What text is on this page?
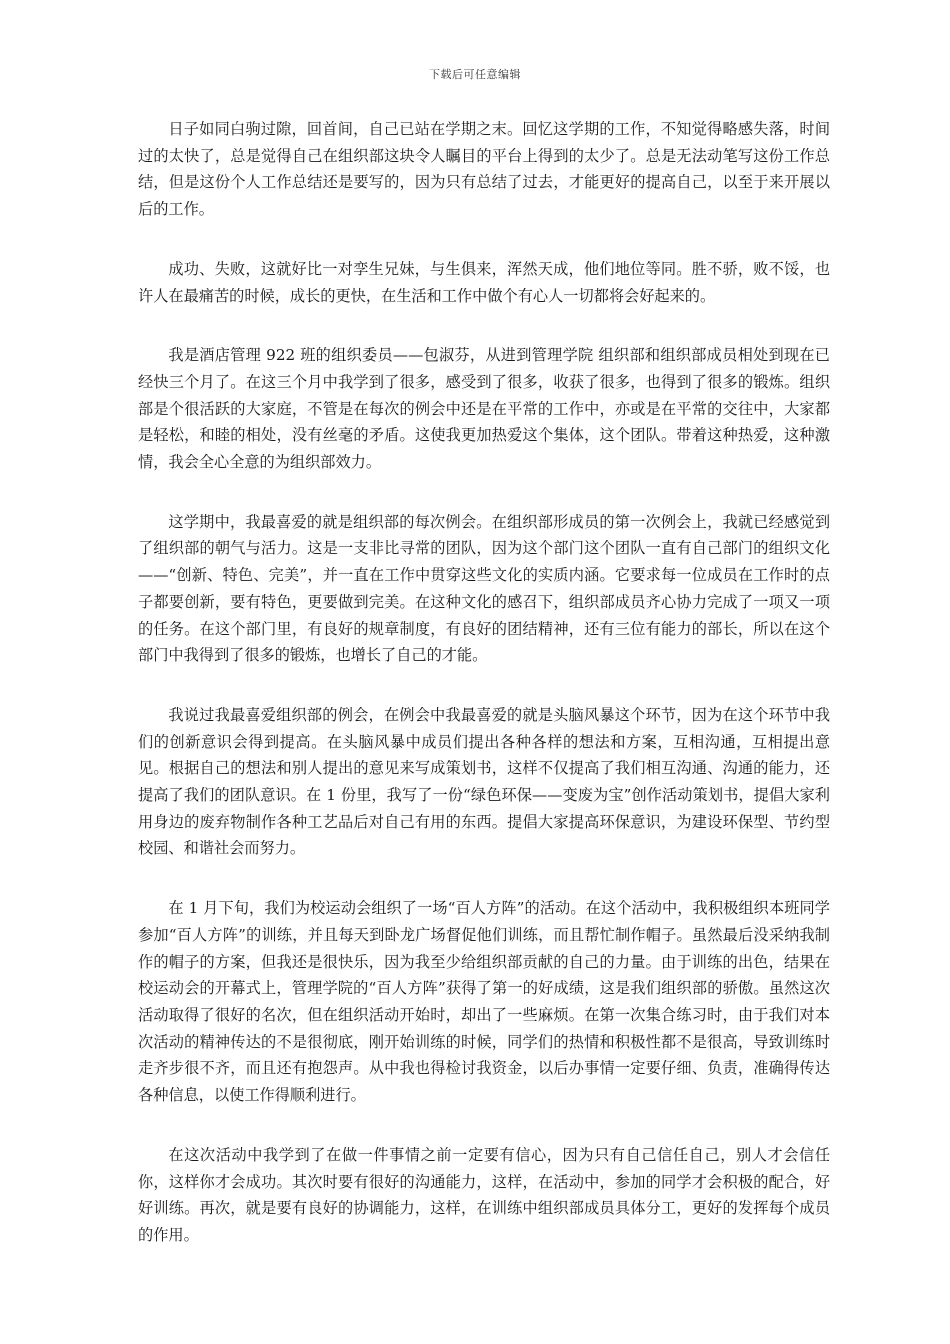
下载后可任意编辑

日子如同白驹过隙，回首间，自己已站在学期之末。回忆这学期的工作，不知觉得略感失落，时间过的太快了，总是觉得自己在组织部这块令人瞩目的平台上得到的太少了。总是无法动笔写这份工作总结，但是这份个人工作总结还是要写的，因为只有总结了过去，才能更好的提高自己，以至于来开展以后的工作。

成功、失败，这就好比一对孪生兄妹，与生俱来，浑然天成，他们地位等同。胜不骄，败不馁，也许人在最痛苦的时候，成长的更快，在生活和工作中做个有心人一切都将会好起来的。

我是酒店管理 922 班的组织委员——包淑芬，从进到管理学院 组织部和组织部成员相处到现在已经快三个月了。在这三个月中我学到了很多，感受到了很多，收获了很多，也得到了很多的锻炼。组织部是个很活跃的大家庭，不管是在每次的例会中还是在平常的工作中，亦或是在平常的交往中，大家都是轻松，和睦的相处，没有丝毫的矛盾。这使我更加热爱这个集体，这个团队。带着这种热爱，这种激情，我会全心全意的为组织部效力。

这学期中，我最喜爱的就是组织部的每次例会。在组织部形成员的第一次例会上，我就已经感觉到了组织部的朝气与活力。这是一支非比寻常的团队，因为这个部门这个团队一直有自己部门的组织文化——“创新、特色、完美”，并一直在工作中贯穿这些文化的实质内涵。它要求每一位成员在工作时的点子都要创新，要有特色，更要做到完美。在这种文化的感召下，组织部成员齐心协力完成了一项又一项的任务。在这个部门里，有良好的规章制度，有良好的团结精神，还有三位有能力的部长，所以在这个部门中我得到了很多的锻炼，也增长了自己的才能。

我说过我最喜爱组织部的例会，在例会中我最喜爱的就是头脑风暴这个环节，因为在这个环节中我们的创新意识会得到提高。在头脑风暴中成员们提出各种各样的想法和方案，互相沟通，互相提出意见。根据自己的想法和别人提出的意见来写成策划书，这样不仅提高了我们相互沟通、沟通的能力，还提高了我们的团队意识。在 1 份里，我写了一份“绿色环保——变废为宝”创作活动策划书，提倡大家利用身边的废弃物制作各种工艺品后对自己有用的东西。提倡大家提高环保意识，为建设环保型、节约型校园、和谐社会而努力。

在 1 月下旬，我们为校运动会组织了一场“百人方阵”的活动。在这个活动中，我积极组织本班同学参加“百人方阵”的训练，并且每天到卧龙广场督促他们训练，而且帮忙制作帽子。虽然最后没采纳我制作的帽子的方案，但我还是很快乐，因为我至少给组织部贡献的自己的力量。由于训练的出色，结果在校运动会的开幕式上，管理学院的“百人方阵”获得了第一的好成绩，这是我们组织部的骄傲。虽然这次活动取得了很好的名次，但在组织活动开始时，却出了一些麻烦。在第一次集合练习时，由于我们对本次活动的精神传达的不是很彻底，刚开始训练的时候，同学们的热情和积极性都不是很高，导致训练时走齐步很不齐，而且还有抱怨声。从中我也得检讨我资金，以后办事情一定要仔细、负责，准确得传达各种信息，以使工作得顺利进行。

在这次活动中我学到了在做一件事情之前一定要有信心，因为只有自己信任自己，别人才会信任你，这样你才会成功。其次时要有很好的沟通能力，这样，在活动中，参加的同学才会积极的配合，好好训练。再次，就是要有良好的协调能力，这样，在训练中组织部成员具体分工，更好的发挥每个成员的作用。
